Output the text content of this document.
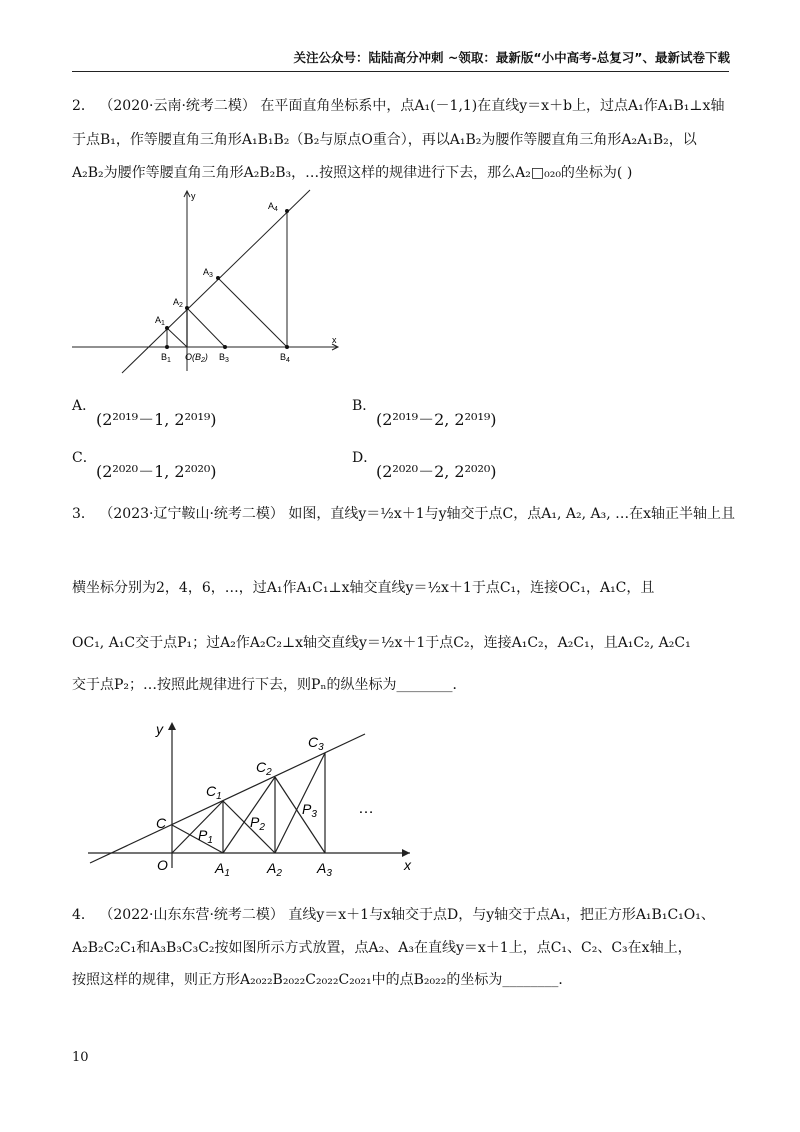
关注公众号：陆陆高分冲刺 ~领取：最新版“小中高考-总复习”、最新试卷下载
2． （2020·云南·统考二模） 在平面直角坐标系中，点A₁(－1,1)在直线y＝x＋b上，过点A₁作A₁B₁⊥x轴
于点B₁，作等腰直角三角形A₁B₁B₂（B₂与原点O重合），再以A₁B₂为腰作等腰直角三角形A₂A₁B₂，以
A₂B₂为腰作等腰直角三角形A₂B₂B₃，…按照这样的规律进行下去，那么A₂□₀₂₀的坐标为( )
y
x
$A_4$
$A_3$
$A_2$
$A_1$
$B_1$ $O(B_2)$ $B_3$	$B_4$
A．
(2²⁰¹⁹－1, 2²⁰¹⁹)
B．
(2²⁰¹⁹－2, 2²⁰¹⁹)
C．
(2²⁰²⁰－1, 2²⁰²⁰)
D．
(2²⁰²⁰－2, 2²⁰²⁰)
3． （2023·辽宁鞍山·统考二模） 如图，直线y＝½x＋1与y轴交于点C，点A₁, A₂, A₃, …在x轴正半轴上且
横坐标分别为2，4，6，…，过A₁作A₁C₁⊥x轴交直线y＝½x＋1于点C₁，连接OC₁，A₁C，且
OC₁, A₁C交于点P₁；过A₂作A₂C₂⊥x轴交直线y＝½x＋1于点C₂，连接A₁C₂，A₂C₁，且A₁C₂, A₂C₁
交于点P₂；…按照此规律进行下去，则Pₙ的纵坐标为________．
y
x
C
O
$C_1$
$C_2$
$C_3$
$P_1$
$P_2$
$P_3$
$A_1$	$A_2$	$A_3$
…
4． （2022·山东东营·统考二模） 直线y＝x＋1与x轴交于点D，与y轴交于点A₁，把正方形A₁B₁C₁O₁、
A₂B₂C₂C₁和A₃B₃C₃C₂按如图所示方式放置，点A₂、A₃在直线y＝x＋1上，点C₁、C₂、C₃在x轴上，
按照这样的规律，则正方形A₂₀₂₂B₂₀₂₂C₂₀₂₂C₂₀₂₁中的点B₂₀₂₂的坐标为________．
10
